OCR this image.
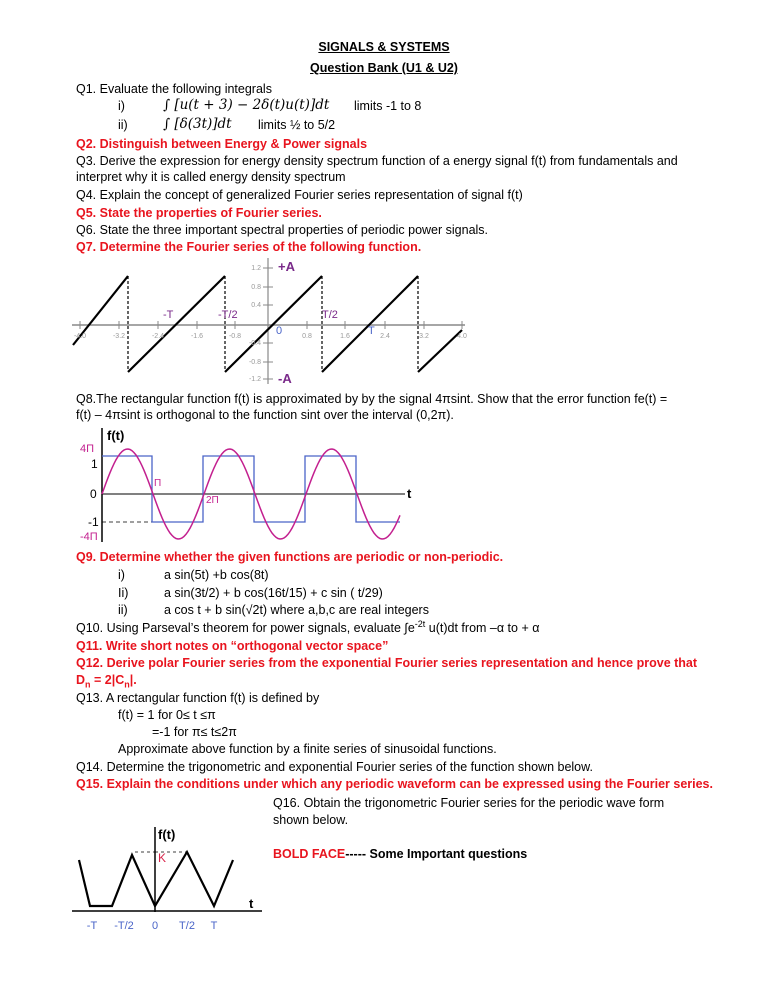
SIGNALS & SYSTEMS
Question Bank (U1 & U2)
Q1. Evaluate the following integrals
i)	∫ [u(t + 3) − 2δ(t)u(t)]dt limits -1 to 8
ii)	∫ [δ(3t)]dt limits ½ to 5/2
Q2. Distinguish between Energy & Power signals
Q3. Derive the expression for energy density spectrum function of a energy signal f(t) from fundamentals and
interpret why it is called energy density spectrum
Q4. Explain the concept of generalized Fourier series representation of signal f(t)
Q5. State the properties of Fourier series.
Q6. State the three important spectral properties of periodic power signals.
Q7. Determine the Fourier series of the following function.
-4.0	-3.2	-2.4	-1.6	-0.8	0.8	1.6	2.4	3.2	4.0
1.2
0.8
0.4
-0.4
-0.8
-1.2
+A
-A
-T	-T/2
0
T/2
T
Q8.The rectangular function f(t) is approximated by by the signal 4πsint. Show that the error function fe(t) =
f(t) – 4πsint is orthogonal to the function sint over the interval (0,2π).
f(t)
t
4Π
1
0
-1
-4Π
Π
2Π
Q9. Determine whether the given functions are periodic or non-periodic.
i)	a sin(5t) +b cos(8t)
Ii)	a sin(3t/2) + b cos(16t/15) + c sin ( t/29)
ii)	a cos t + b sin(√2t) where a,b,c are real integers
Q10. Using Parseval’s theorem for power signals, evaluate $\int e^{-2t}$ u(t)dt from –α to + α
Q11. Write short notes on “orthogonal vector space”
Q12. Derive polar Fourier series from the exponential Fourier series representation and hence prove that
$D_n = 2|C_n|$.
Q13. A rectangular function f(t) is defined by
f(t) = 1 for 0≤ t ≤π
=-1 for π≤ t≤2π
Approximate above function by a finite series of sinusoidal functions.
Q14. Determine the trigonometric and exponential Fourier series of the function shown below.
Q15. Explain the conditions under which any periodic waveform can be expressed using the Fourier series.
Q16. Obtain the trigonometric Fourier series for the periodic wave form
shown below.
BOLD FACE----- Some Important questions
f(t)
K
t
-T -T/2 0 T/2 T
